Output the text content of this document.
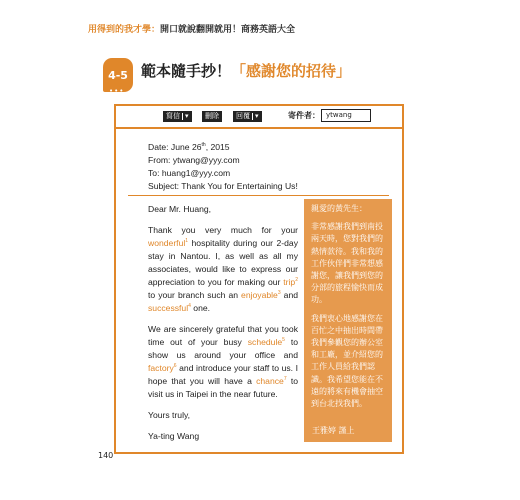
用得到的我才學：開口就說翻開就用！商務英語大全
4-5
•••
範本隨手抄！「感謝您的招待」
寫信 ▾	刪除	回覆 ▾	寄件者： ytwang
Date: June 26th, 2015
From: ytwang@yyy.com
To: huang1@yyy.com
Subject: Thank You for Entertaining Us!

Dear Mr. Huang,

Thank you very much for your wonderful$^1$ hospitality during our 2-day stay in Nantou. I, as well as all my associates, would like to express our appreciation to you for making our trip$^2$ to your branch such an enjoyable$^3$ and successful$^4$ one.

We are sincerely grateful that you took time out of your busy schedule$^5$ to show us around your office and factory$^6$ and introduce your staff to us. I hope that you will have a chance$^7$ to visit us in Taipei in the near future.

Yours truly,

Ya-ting Wang

親愛的黃先生：

非常感謝我們到南投兩天時，您對我們的熱情款待。我和我的工作伙伴們非常想感謝您，讓我們到您的分部的旅程愉快而成功。

我們衷心地感謝您在百忙之中抽出時間帶我們參觀您的辦公室和工廠，並介紹您的工作人員給我們認識。我希望您能在不遠的將來有機會抽空到台北找我們。

王雅婷 謹上
140
